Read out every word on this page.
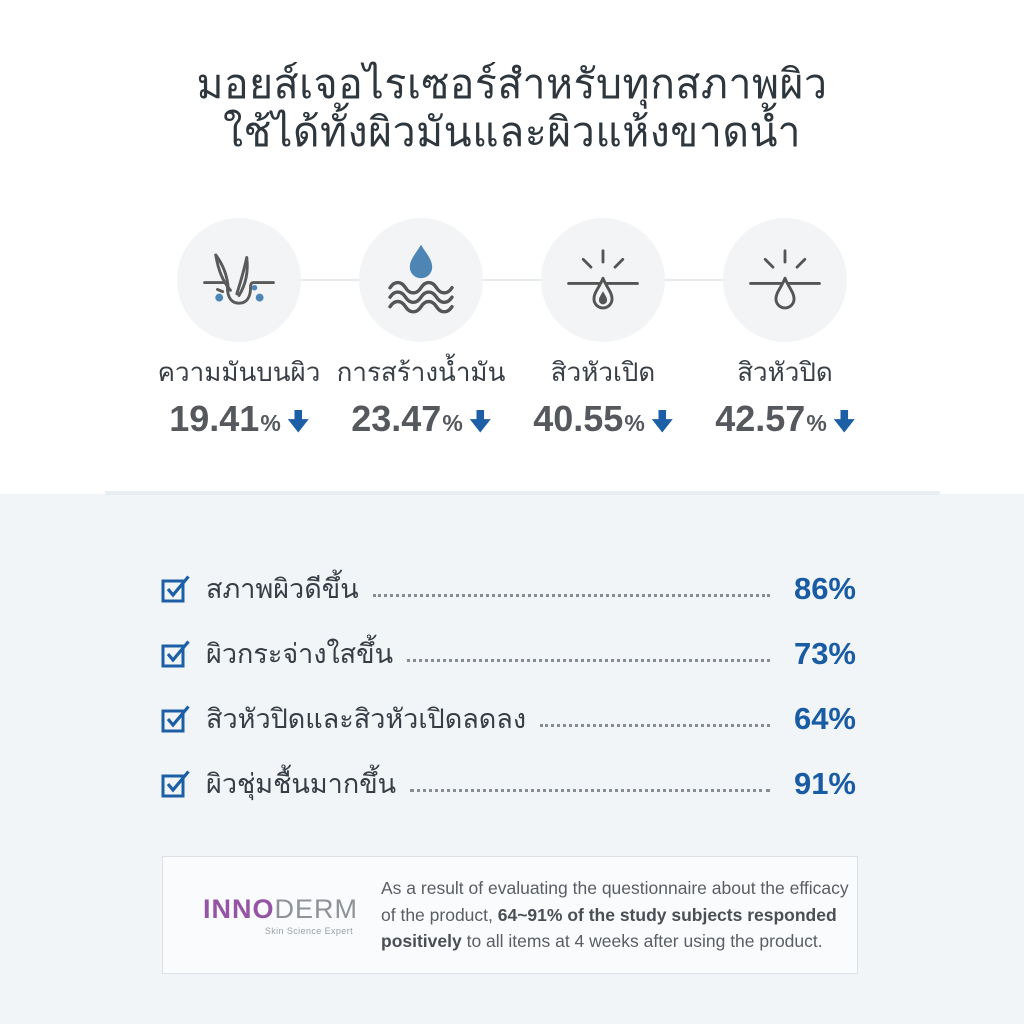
มอยส์เจอไรเซอร์สำหรับทุกสภาพผิว
ใช้ได้ทั้งผิวมันและผิวแห้งขาดน้ำ
ความมันบนผิว
19.41 %
การสร้างน้ำมัน
23.47 %
สิวหัวเปิด
40.55 %
สิวหัวปิด
42.57 %
สภาพผิวดีขึ้น	86%
ผิวกระจ่างใสขึ้น	73%
สิวหัวปิดและสิวหัวเปิดลดลง	64%
ผิวชุ่มชื้นมากขึ้น	91%
INNODERM
Skin Science Expert

As a result of evaluating the questionnaire about the efficacy of the product, 64~91% of the study subjects responded positively to all items at 4 weeks after using the product.
